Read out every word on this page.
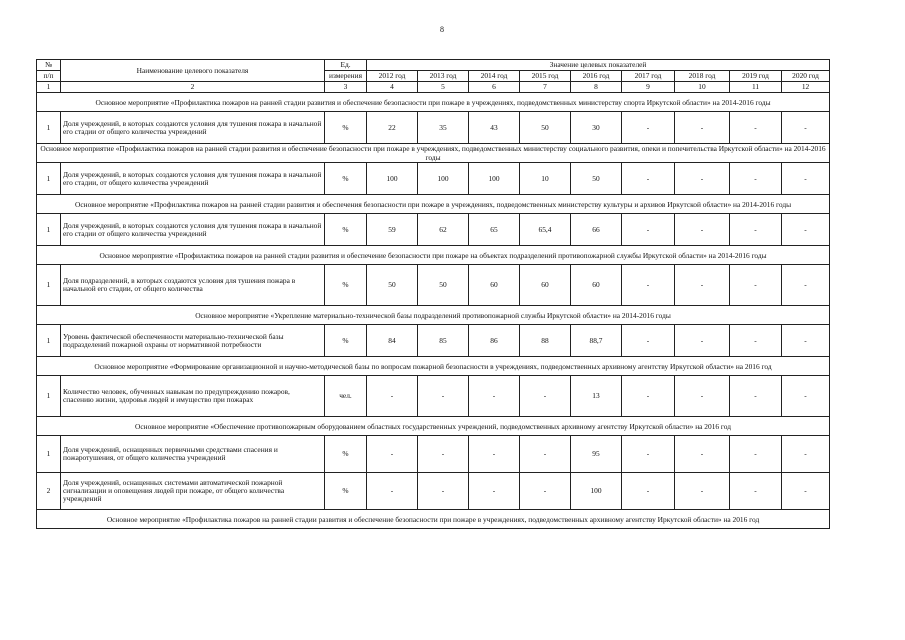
8
№	Наименование целевого показателя	Ед.	Значение целевых показателей								
п/п		измерения	2012 год	2013 год	2014 год	2015 год	2016 год	2017 год	2018 год	2019 год	2020 год
1	2	3	4	5	6	7	8	9	10	11	12
Основное мероприятие «Профилактика пожаров на ранней стадии развития и обеспечение безопасности при пожаре в учреждениях, подведомственных министерству спорта Иркутской области» на 2014-2016 годы											
1	Доля учреждений, в которых создаются условия для тушения пожара в начальной его стадии от общего количества учреждений	%	22	35	43	50	30	-	-	-	-
Основное мероприятие «Профилактика пожаров на ранней стадии развития и обеспечение безопасности при пожаре в учреждениях, подведомственных министерству социального развития, опеки и попечительства Иркутской области» на 2014-2016 годы											
1	Доля учреждений, в которых создаются условия для тушения пожара в начальной его стадии, от общего количества учреждений	%	100	100	100	10	50	-	-	-	-
Основное мероприятие «Профилактика пожаров на ранней стадии развития и обеспечения безопасности при пожаре в учреждениях, подведомственных министерству культуры и архивов Иркутской области» на 2014-2016 годы											
1	Доля учреждений, в которых создаются условия для тушения пожара в начальной его стадии от общего количества учреждений	%	59	62	65	65,4	66	-	-	-	-
Основное мероприятие «Профилактика пожаров на ранней стадии развития и обеспечение безопасности при пожаре на объектах подразделений противопожарной службы Иркутской области» на 2014-2016 годы											
1	Доля подразделений, в которых создаются условия для тушения пожара в начальной его стадии, от общего количества	%	50	50	60	60	60	-	-	-	-
Основное мероприятие «Укрепление материально-технической базы подразделений противопожарной службы Иркутской области» на 2014-2016 годы											
1	Уровень фактической обеспеченности материально-технической базы подразделений пожарной охраны от нормативной потребности	%	84	85	86	88	88,7	-	-	-	-
Основное мероприятие «Формирование организационной и научно-методической базы по вопросам пожарной безопасности в учреждениях, подведомственных архивному агентству Иркутской области» на 2016 год											
1	Количество человек, обученных навыкам по предупреждению пожаров, спасению жизни, здоровья людей и имущество при пожарах	чел.	-	-	-	-	13	-	-	-	-
Основное мероприятие «Обеспечение противопожарным оборудованием областных государственных учреждений, подведомственных архивному агентству Иркутской области» на 2016 год											
1	Доля учреждений, оснащенных первичными средствами спасения и пожаротушения, от общего количества учреждений	%	-	-	-	-	95	-	-	-	-
2	Доля учреждений, оснащенных системами автоматической пожарной сигнализации и оповещения людей при пожаре, от общего количества учреждений	%	-	-	-	-	100	-	-	-	-
Основное мероприятие «Профилактика пожаров на ранней стадии развития и обеспечение безопасности при пожаре в учреждениях, подведомственных архивному агентству Иркутской области» на 2016 год											
